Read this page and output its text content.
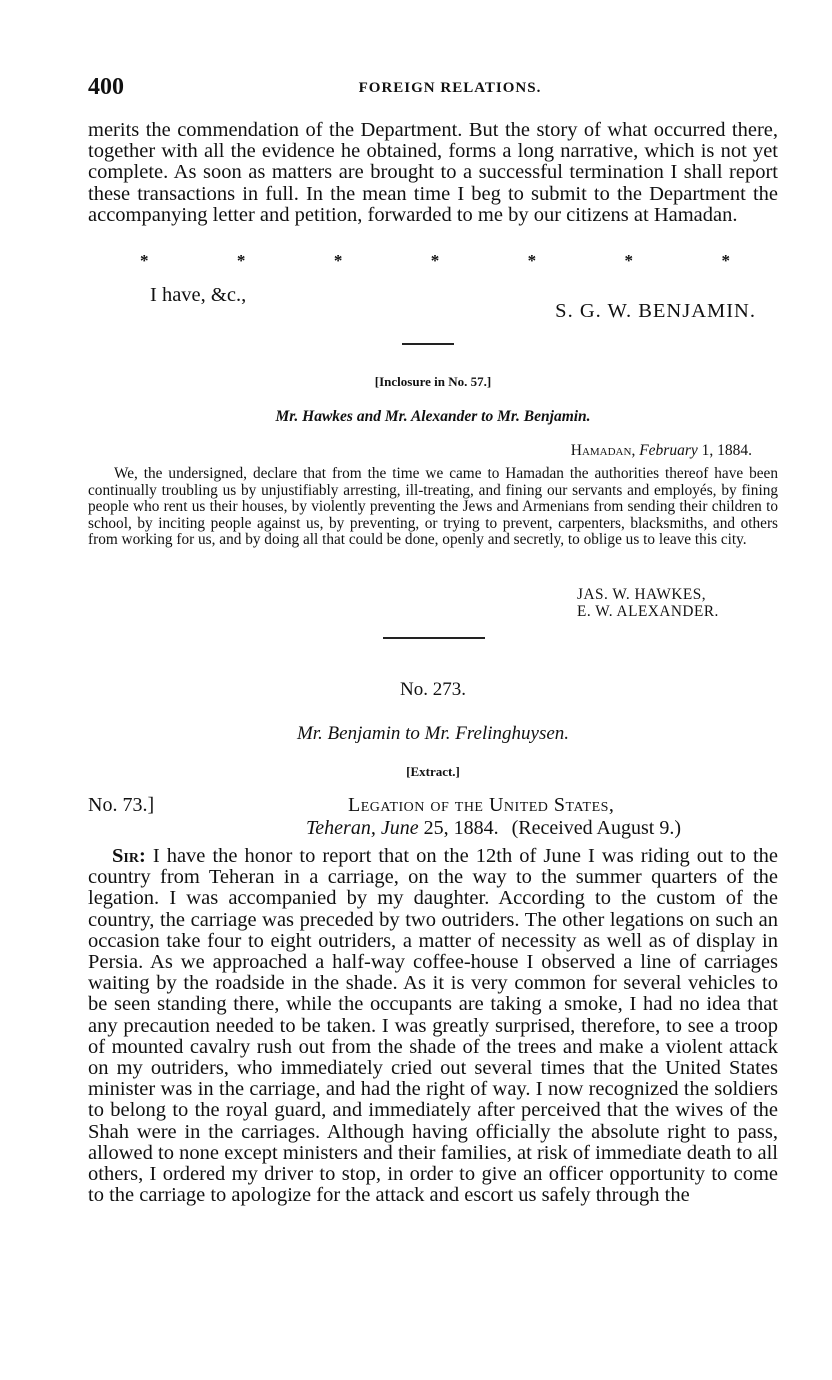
400	FOREIGN RELATIONS.

merits the commendation of the Department. But the story of what occurred there, together with all the evidence he obtained, forms a long narrative, which is not yet complete. As soon as matters are brought to a successful termination I shall report these transactions in full. In the mean time I beg to submit to the Department the accompanying letter and petition, forwarded to me by our citizens at Hamadan.

*	*	*	*	*	*	*
I have, &c.,
S. G. W. BENJAMIN.
[Inclosure in No. 57.]
Mr. Hawkes and Mr. Alexander to Mr. Benjamin.
Hamadan, February 1, 1884.

We, the undersigned, declare that from the time we came to Hamadan the authorities thereof have been continually troubling us by unjustifiably arresting, ill-treating, and fining our servants and employés, by fining people who rent us their houses, by violently preventing the Jews and Armenians from sending their children to school, by inciting people against us, by preventing, or trying to prevent, carpenters, blacksmiths, and others from working for us, and by doing all that could be done, openly and secretly, to oblige us to leave this city.

JAS. W. HAWKES,
E. W. ALEXANDER.
No. 273.
Mr. Benjamin to Mr. Frelinghuysen.
[Extract.]
No. 73.]	Legation of the United States,
Teheran, June 25, 1884. (Received August 9.)

Sir: I have the honor to report that on the 12th of June I was riding out to the country from Teheran in a carriage, on the way to the summer quarters of the legation. I was accompanied by my daughter. According to the custom of the country, the carriage was preceded by two outriders. The other legations on such an occasion take four to eight outriders, a matter of necessity as well as of display in Persia. As we approached a half-way coffee-house I observed a line of carriages waiting by the roadside in the shade. As it is very common for several vehicles to be seen standing there, while the occupants are taking a smoke, I had no idea that any precaution needed to be taken. I was greatly surprised, therefore, to see a troop of mounted cavalry rush out from the shade of the trees and make a violent attack on my outriders, who immediately cried out several times that the United States minister was in the carriage, and had the right of way. I now recognized the soldiers to belong to the royal guard, and immediately after perceived that the wives of the Shah were in the carriages. Although having officially the absolute right to pass, allowed to none except ministers and their families, at risk of immediate death to all others, I ordered my driver to stop, in order to give an officer opportunity to come to the carriage to apologize for the attack and escort us safely through the
